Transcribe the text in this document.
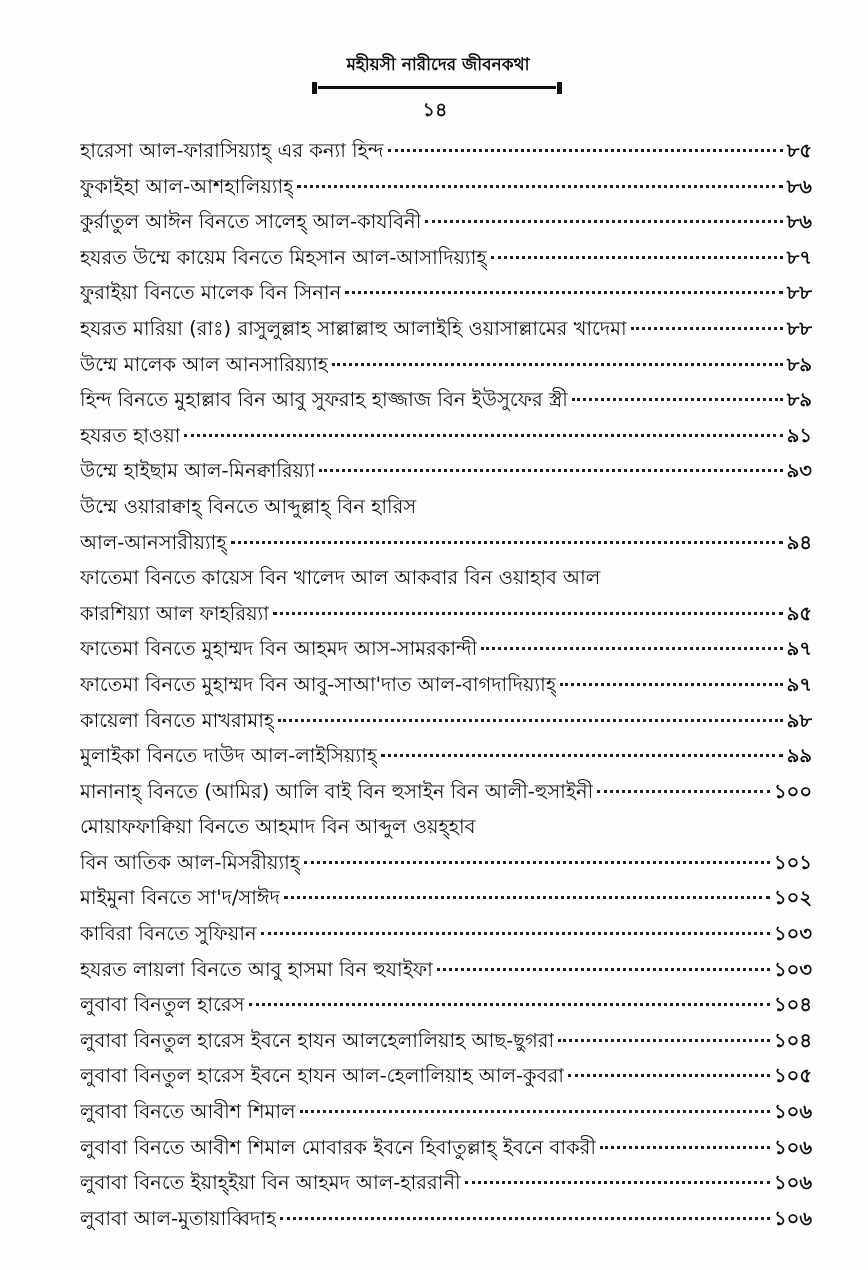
মহীয়সী নারীদের জীবনকথা
১৪
হারেসা আল-ফারাসিয়্যাহ্ এর কন্যা হিন্দ	৮৫
ফুকাইহা আল-আশহালিয়্যাহ্	৮৬
কুর্রাতুল আঈন বিনতে সালেহ্ আল-কাযবিনী	৮৬
হযরত উম্মে কায়েম বিনতে মিহসান আল-আসাদিয়্যাহ্	৮৭
ফুরাইয়া বিনতে মালেক বিন সিনান	৮৮
হযরত মারিয়া (রাঃ) রাসুলুল্লাহ সাল্লাল্লাহু আলাইহি ওয়াসাল্লামের খাদেমা	৮৮
উম্মে মালেক আল আনসারিয়্যাহ	৮৯
হিন্দ বিনতে মুহাল্লাব বিন আবু সুফরাহ হাজ্জাজ বিন ইউসুফের স্ত্রী	৮৯
হযরত হাওয়া	৯১
উম্মে হাইছাম আল-মিনক্বারিয়্যা	৯৩
উম্মে ওয়ারাক্বাহ্ বিনতে আব্দুল্লাহ্ বিন হারিস
আল-আনসারীয়্যাহ্	৯৪
ফাতেমা বিনতে কায়েস বিন খালেদ আল আকবার বিন ওয়াহাব আল
কারশিয়্যা আল ফাহরিয়্যা	৯৫
ফাতেমা বিনতে মুহাম্মদ বিন আহমদ আস-সামরকান্দী	৯৭
ফাতেমা বিনতে মুহাম্মদ বিন আবু-সাআ'দাত আল-বাগদাদিয়্যাহ্	৯৭
কায়েলা বিনতে মাখরামাহ্	৯৮
মুলাইকা বিনতে দাউদ আল-লাইসিয়্যাহ্	৯৯
মানানাহ্ বিনতে (আমির) আলি বাই বিন হুসাইন বিন আলী-হুসাইনী	১০০
মোয়াফফাক্বিয়া বিনতে আহমাদ বিন আব্দুল ওয়হ্হাব
বিন আতিক আল-মিসরীয়্যাহ্	১০১
মাইমুনা বিনতে সা'দ/সাঈদ	১০২
কাবিরা বিনতে সুফিয়ান	১০৩
হযরত লায়লা বিনতে আবু হাসমা বিন হুযাইফা	১০৩
লুবাবা বিনতুল হারেস	১০৪
লুবাবা বিনতুল হারেস ইবনে হাযন আলহেলালিয়াহ আছ-ছুগরা	১০৪
লুবাবা বিনতুল হারেস ইবনে হাযন আল-হেলালিয়াহ আল-কুবরা	১০৫
লুবাবা বিনতে আবীশ শিমাল	১০৬
লুবাবা বিনতে আবীশ শিমাল মোবারক ইবনে হিবাতুল্লাহ্ ইবনে বাকরী	১০৬
লুবাবা বিনতে ইয়াহ্ইয়া বিন আহমদ আল-হাররানী	১০৬
লুবাবা আল-মুতায়াব্বিদাহ	১০৬
